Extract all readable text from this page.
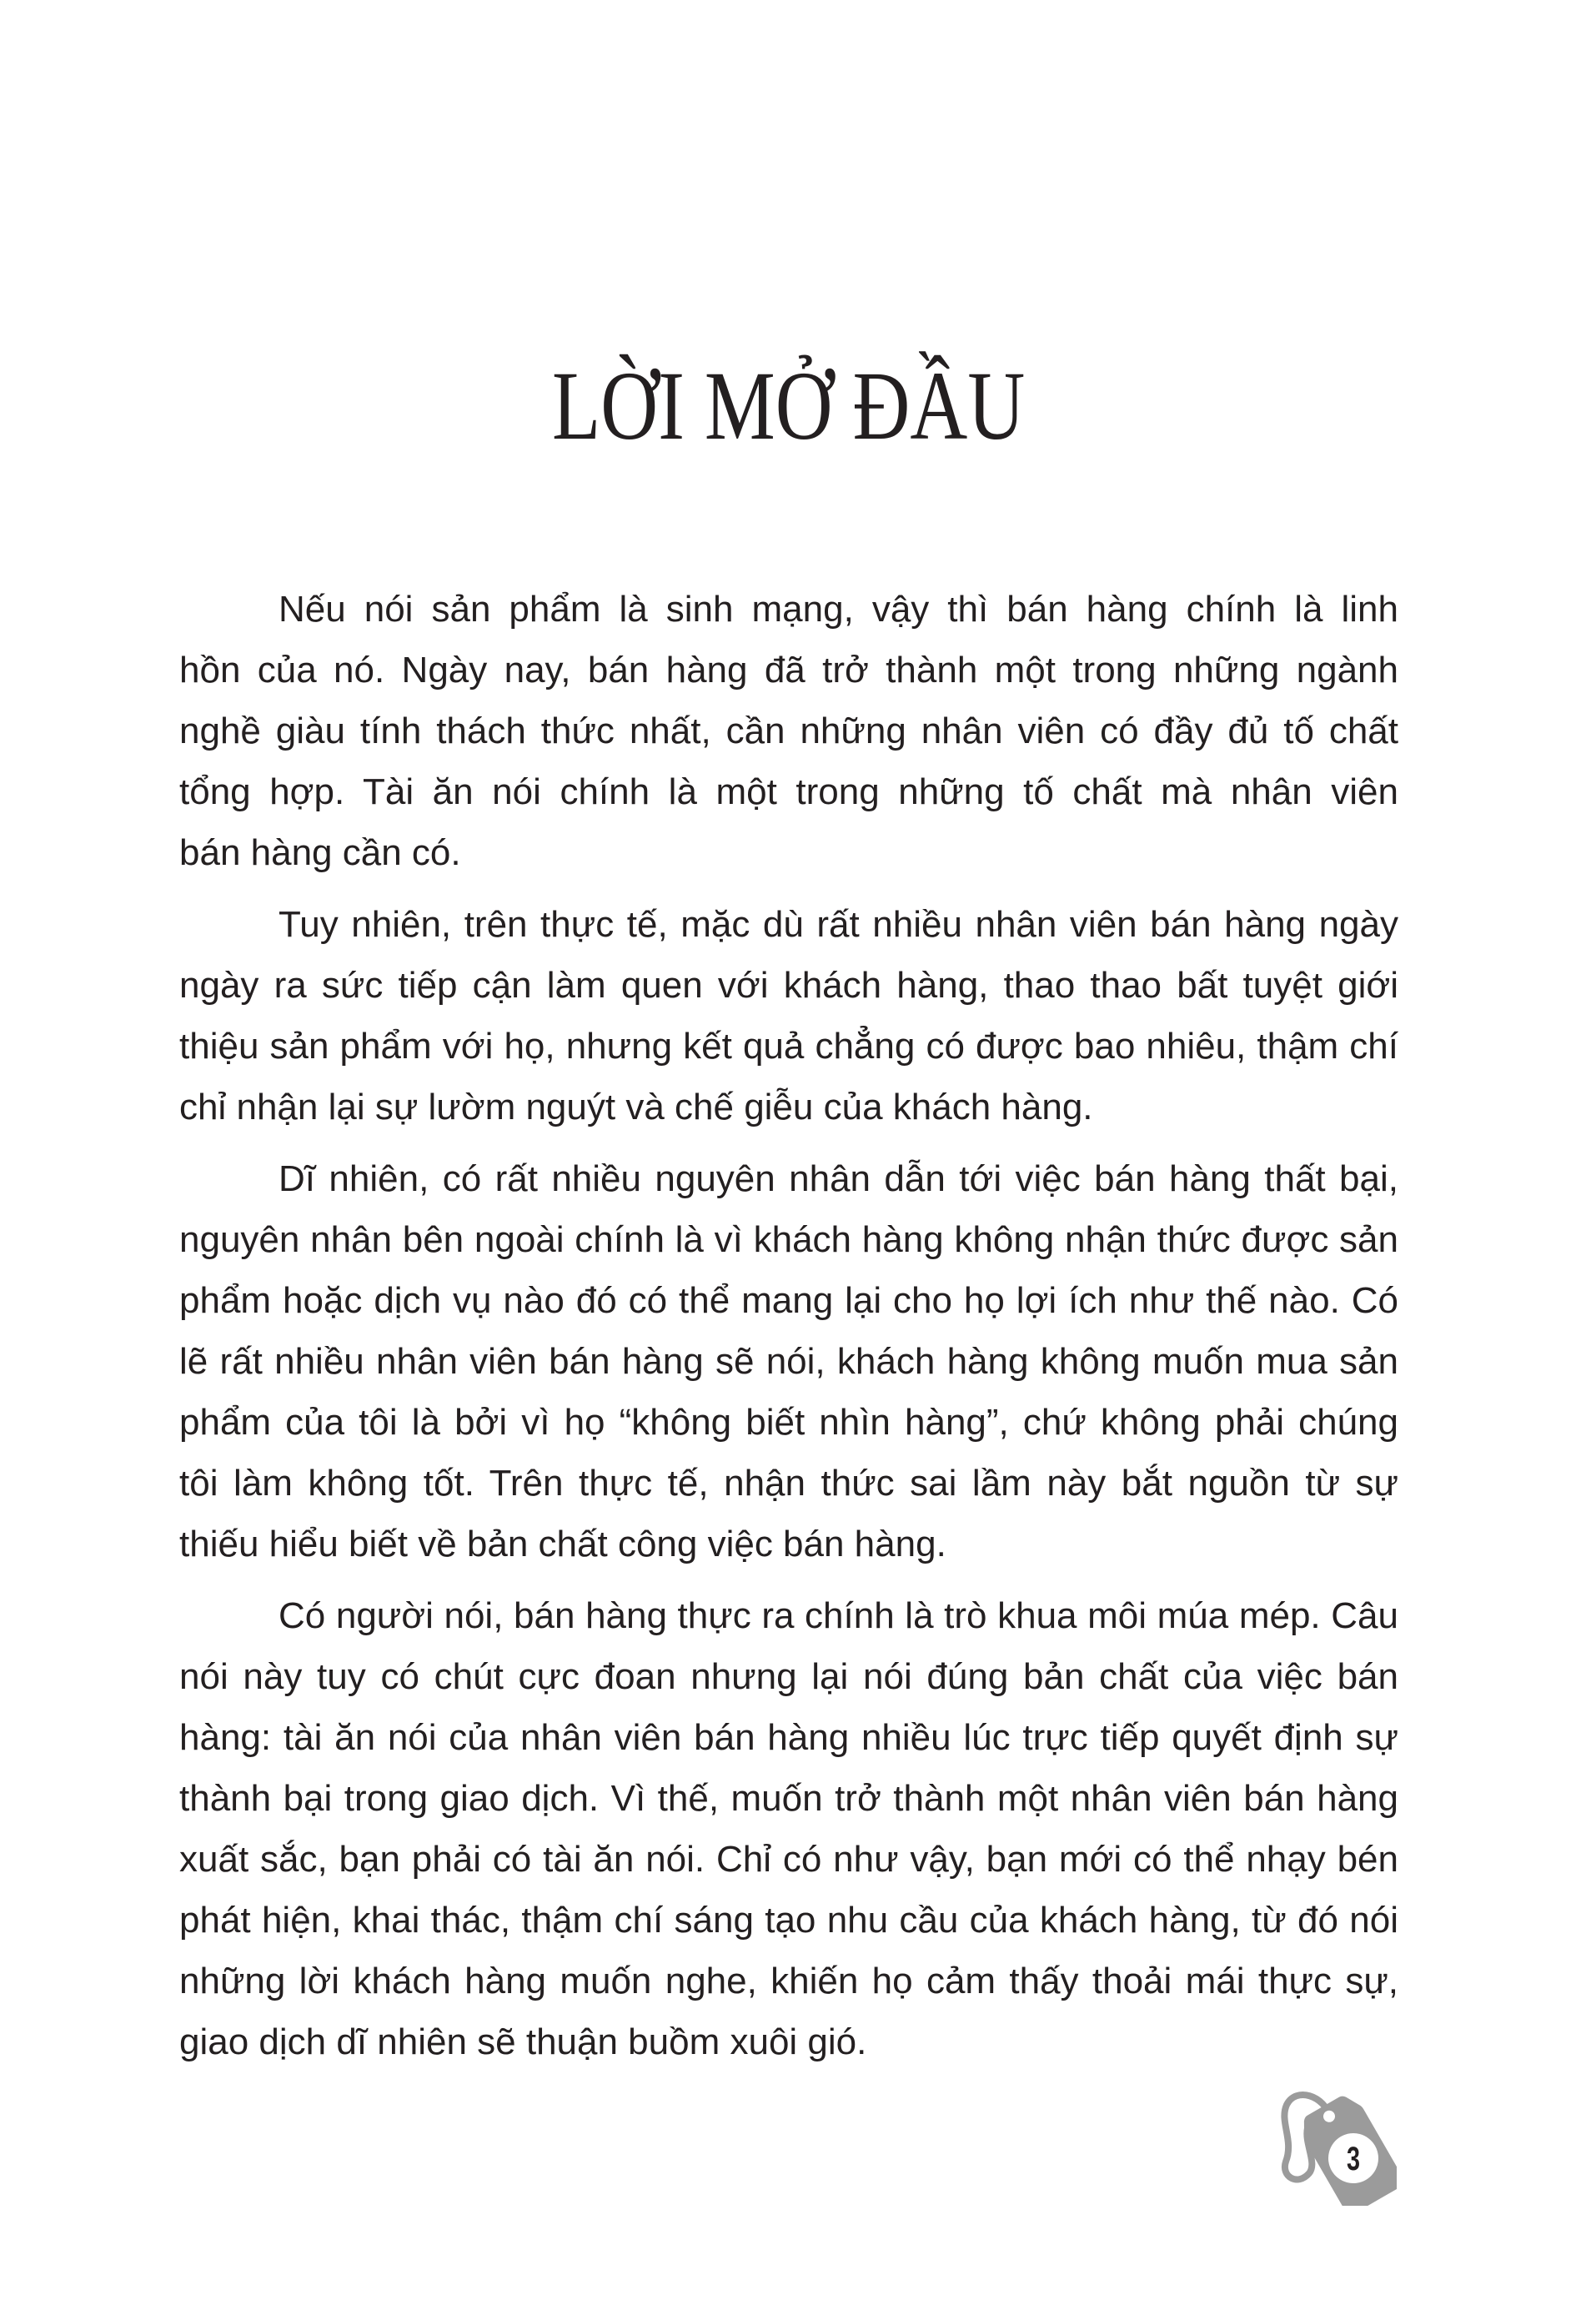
LỜI MỞ ĐẦU
Nếu nói sản phẩm là sinh mạng, vậy thì bán hàng chính là linh
hồn của nó. Ngày nay, bán hàng đã trở thành một trong những ngành
nghề giàu tính thách thức nhất, cần những nhân viên có đầy đủ tố chất
tổng hợp. Tài ăn nói chính là một trong những tố chất mà nhân viên
bán hàng cần có.
Tuy nhiên, trên thực tế, mặc dù rất nhiều nhân viên bán hàng ngày
ngày ra sức tiếp cận làm quen với khách hàng, thao thao bất tuyệt giới
thiệu sản phẩm với họ, nhưng kết quả chẳng có được bao nhiêu, thậm chí
chỉ nhận lại sự lườm nguýt và chế giễu của khách hàng.
Dĩ nhiên, có rất nhiều nguyên nhân dẫn tới việc bán hàng thất bại,
nguyên nhân bên ngoài chính là vì khách hàng không nhận thức được sản
phẩm hoặc dịch vụ nào đó có thể mang lại cho họ lợi ích như thế nào. Có
lẽ rất nhiều nhân viên bán hàng sẽ nói, khách hàng không muốn mua sản
phẩm của tôi là bởi vì họ “không biết nhìn hàng”, chứ không phải chúng
tôi làm không tốt. Trên thực tế, nhận thức sai lầm này bắt nguồn từ sự
thiếu hiểu biết về bản chất công việc bán hàng.
Có người nói, bán hàng thực ra chính là trò khua môi múa mép. Câu
nói này tuy có chút cực đoan nhưng lại nói đúng bản chất của việc bán
hàng: tài ăn nói của nhân viên bán hàng nhiều lúc trực tiếp quyết định sự
thành bại trong giao dịch. Vì thế, muốn trở thành một nhân viên bán hàng
xuất sắc, bạn phải có tài ăn nói. Chỉ có như vậy, bạn mới có thể nhạy bén
phát hiện, khai thác, thậm chí sáng tạo nhu cầu của khách hàng, từ đó nói
những lời khách hàng muốn nghe, khiến họ cảm thấy thoải mái thực sự,
giao dịch dĩ nhiên sẽ thuận buồm xuôi gió.
3
